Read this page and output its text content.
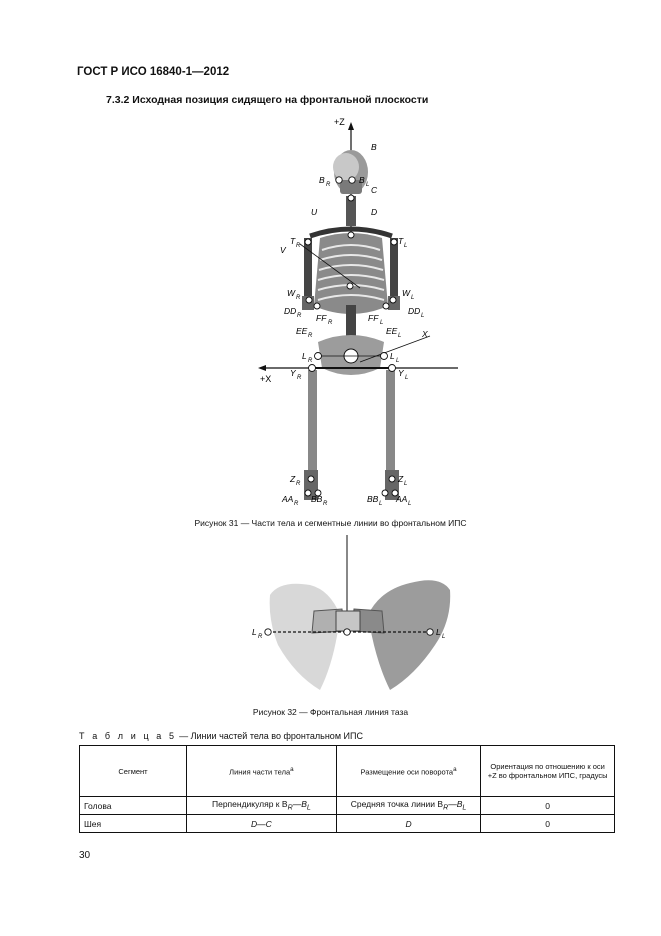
ГОСТ Р ИСО 16840-1—2012
7.3.2 Исходная позиция сидящего на фронтальной плоскости
+Z
+X
B
B R	B L C
U	D
T R	T L
V
W R	W L
DD R	DD L
FF R	FF L
EE R	EE L X
L R	L L
Y R	Y L
Z R	Z L
AA R BB R	BB L AA L
Рисунок 31 — Части тела и сегментные линии во фронтальном ИПС
L R	L L
Рисунок 32 — Фронтальная линия таза
Т а б л и ц а 5 — Линии частей тела во фронтальном ИПС
Сегмент	Линия части тела$^а$	Размещение оси поворота$^а$	Ориентация по отношению к оси +Z во фронтальном ИПС, градусы
Голова	Перпендикуляр к $B_R—B_L$	Средняя точка линии $B_R—B_L$	0
Шея	D—C	D	0
30
